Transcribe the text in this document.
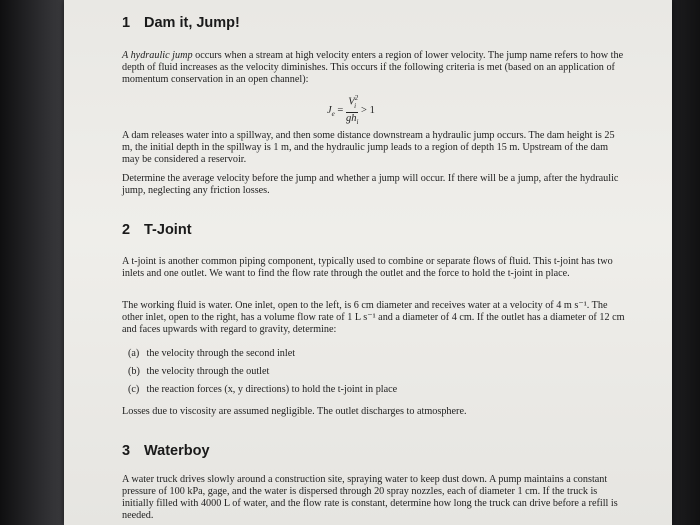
1 Dam it, Jump!

A hydraulic jump occurs when a stream at high velocity enters a region of lower velocity. The jump name refers to how the depth of fluid increases as the velocity diminishes. This occurs if the following criteria is met (based on an application of momentum conservation in an open channel):

$J_e = \frac{V^2_i}{gh_i} > 1$

A dam releases water into a spillway, and then some distance downstream a hydraulic jump occurs. The dam height is 25 m, the initial depth in the spillway is 1 m, and the hydraulic jump leads to a region of depth 15 m. Upstream of the dam may be considered a reservoir.

Determine the average velocity before the jump and whether a jump will occur. If there will be a jump, after the hydraulic jump, neglecting any friction losses.

2 T-Joint

A t-joint is another common piping component, typically used to combine or separate flows of fluid. This t-joint has two inlets and one outlet. We want to find the flow rate through the outlet and the force to hold the t-joint in place.

The working fluid is water. One inlet, open to the left, is 6 cm diameter and receives water at a velocity of 4 m s⁻¹. The other inlet, open to the right, has a volume flow rate of 1 L s⁻¹ and a diameter of 4 cm. If the outlet has a diameter of 12 cm and faces upwards with regard to gravity, determine:

(a) the velocity through the second inlet
(b) the velocity through the outlet
(c) the reaction forces (x, y directions) to hold the t-joint in place

Losses due to viscosity are assumed negligible. The outlet discharges to atmosphere.

3 Waterboy

A water truck drives slowly around a construction site, spraying water to keep dust down. A pump maintains a constant pressure of 100 kPa, gage, and the water is dispersed through 20 spray nozzles, each of diameter 1 cm. If the truck is initially filled with 4000 L of water, and the flow rate is constant, determine how long the truck can drive before a refill is needed.
